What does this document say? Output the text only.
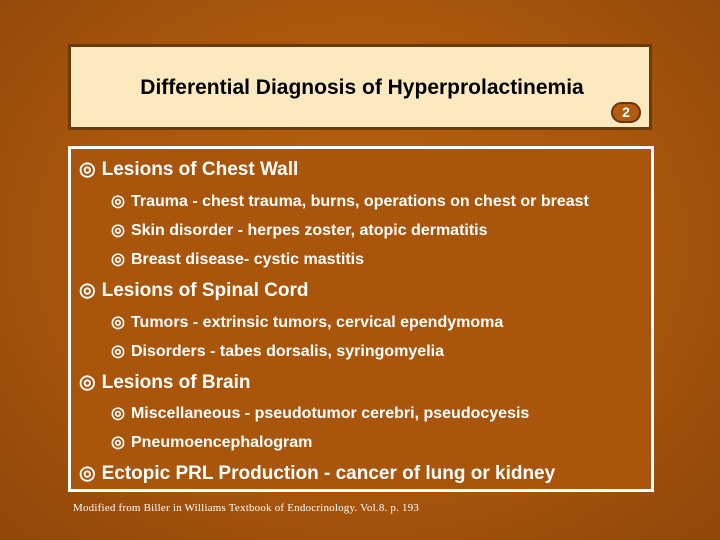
Differential Diagnosis of Hyperprolactinemia
2
◎ Lesions of Chest Wall
◎ Trauma - chest trauma, burns, operations on chest or breast
◎ Skin disorder - herpes zoster, atopic dermatitis
◎ Breast disease- cystic mastitis
◎ Lesions of Spinal Cord
◎ Tumors - extrinsic tumors, cervical ependymoma
◎ Disorders - tabes dorsalis, syringomyelia
◎ Lesions of Brain
◎ Miscellaneous - pseudotumor cerebri, pseudocyesis
◎ Pneumoencephalogram
◎ Ectopic PRL Production - cancer of lung or kidney
Modified from Biller in Williams Textbook of Endocrinology. Vol.8. p. 193
